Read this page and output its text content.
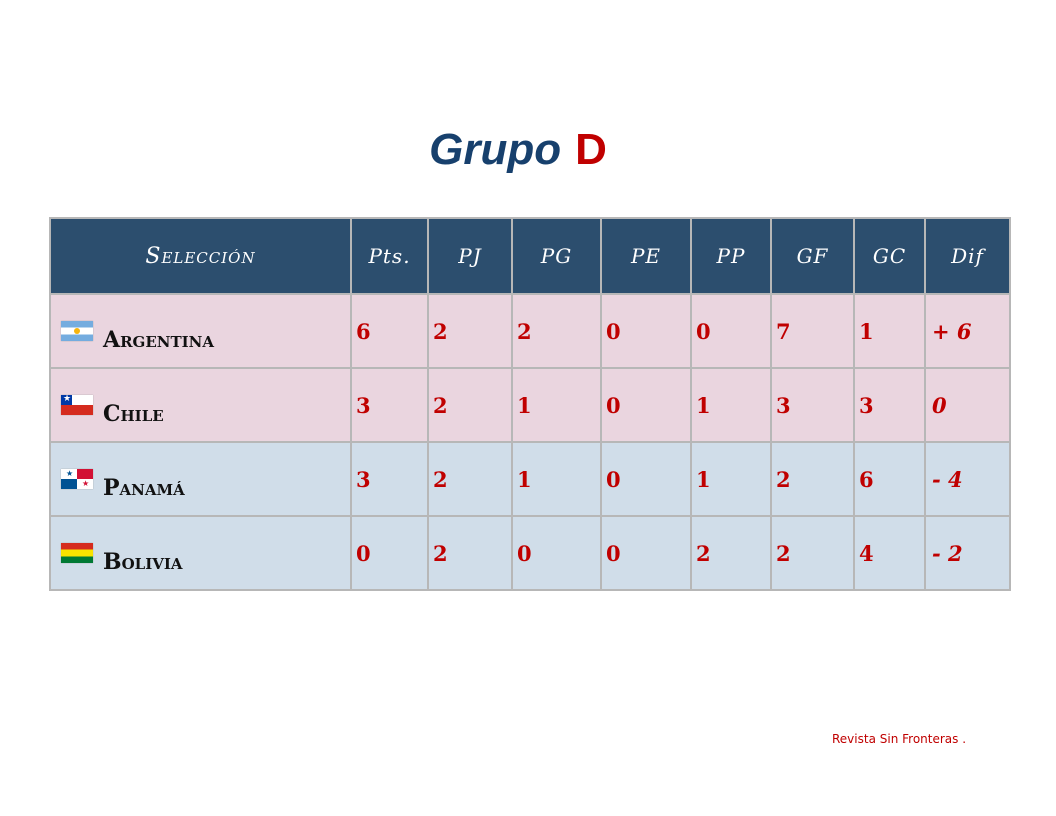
Grupo D
Selección	Pts.	PJ	PG	PE	PP	GF	GC	Dif

Argentina	6	2	2	0	0	7	1	+ 6

★
Chile	3	2	1	0	1	3	3	0

★
★ Panamá	3	2	1	0	1	2	6	- 4

Bolivia	0	2	0	0	2	2	4	- 2
Revista Sin Fronteras .
